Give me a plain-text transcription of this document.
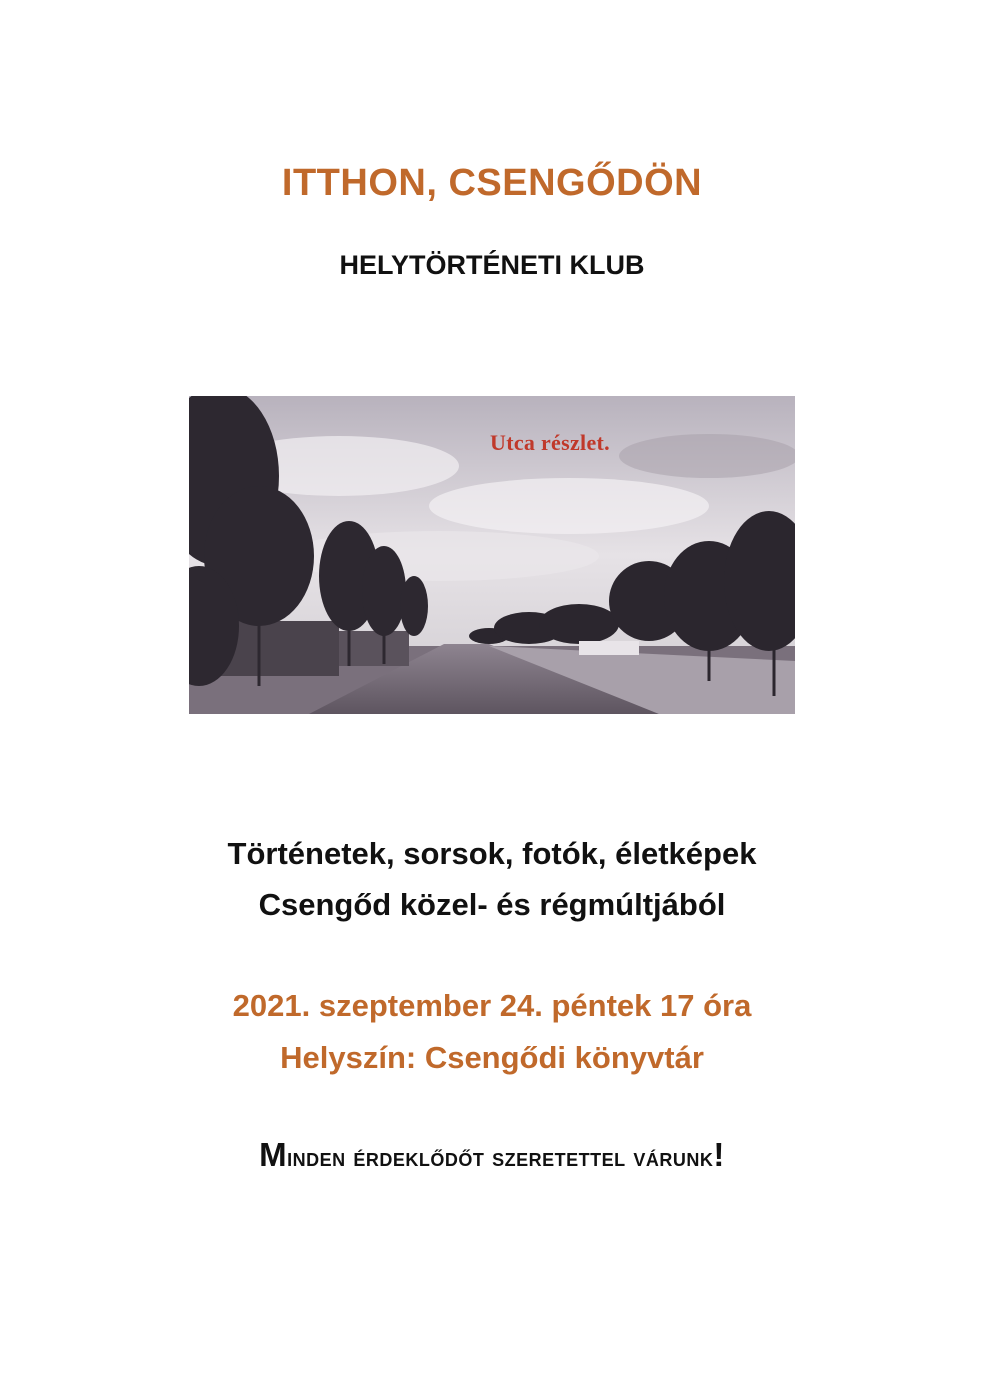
ITTHON, CSENGŐDÖN
HELYTÖRTÉNETI KLUB
Utca részlet.
Történetek, sorsok, fotók, életképek
Csengőd közel- és régmúltjából
2021. szeptember 24. péntek 17 óra
Helyszín: Csengődi könyvtár
Minden érdeklődőt szeretettel várunk!
